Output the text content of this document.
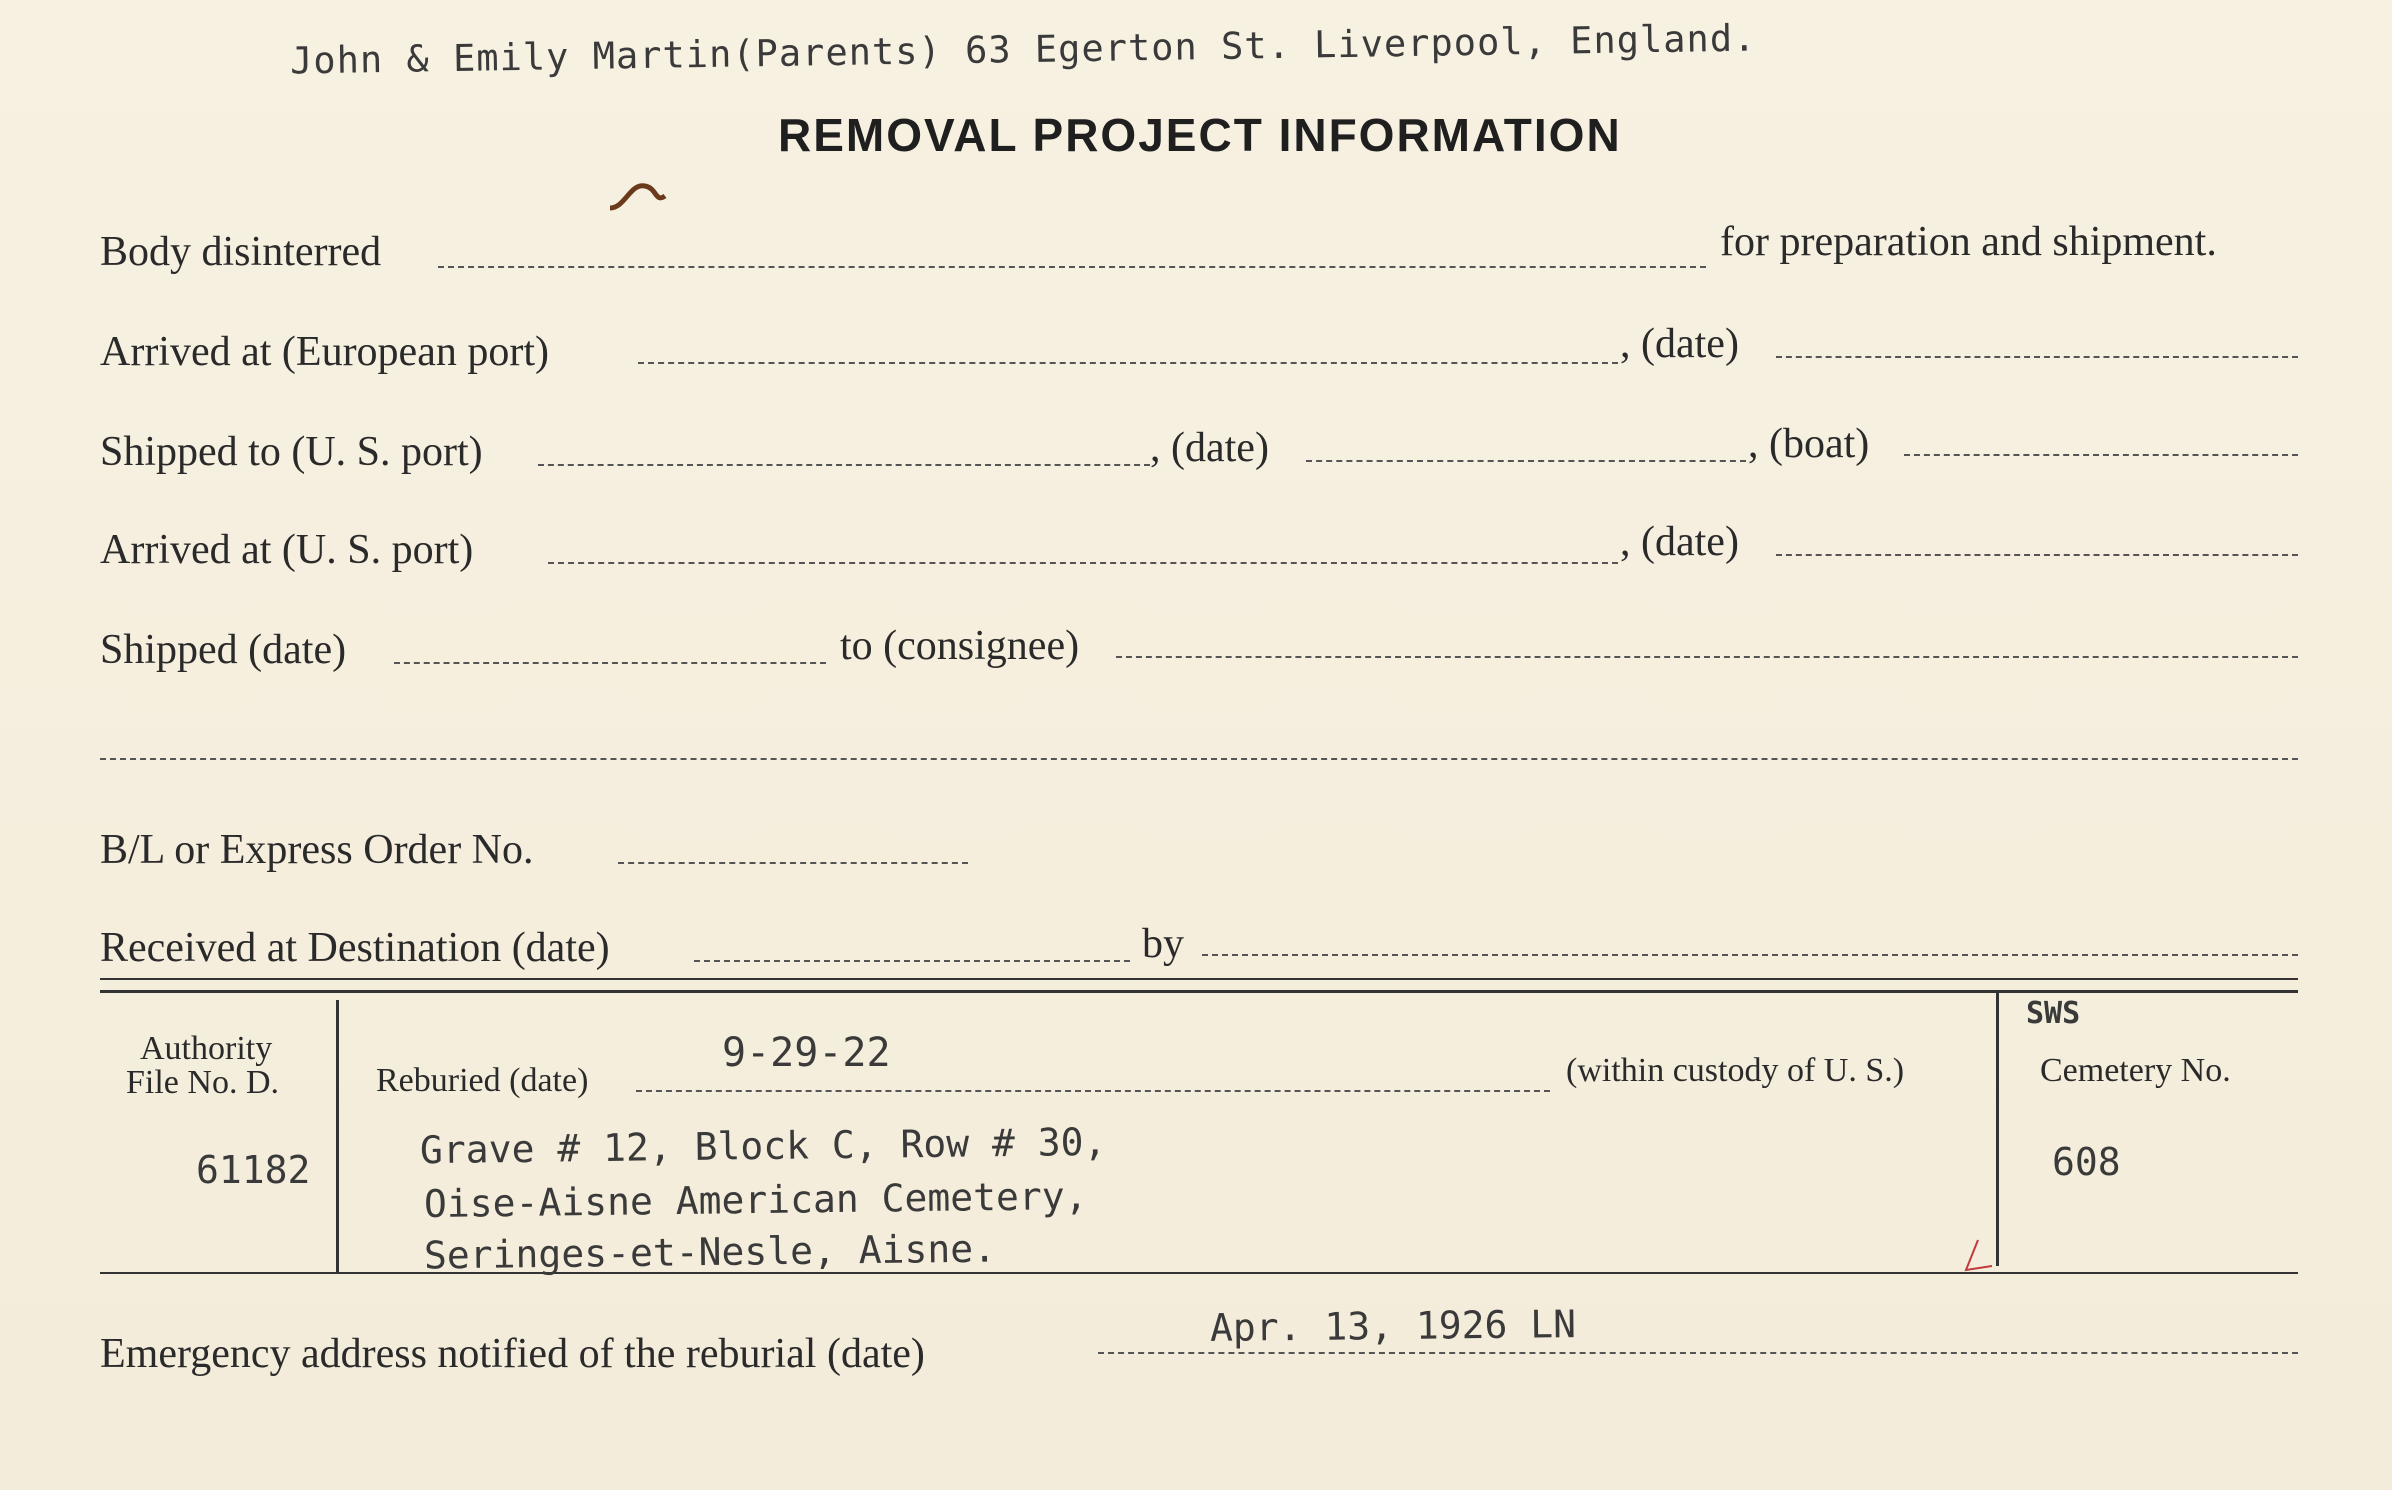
John & Emily Martin(Parents) 63 Egerton St. Liverpool, England.
REMOVAL PROJECT INFORMATION
Body disinterred	for preparation and shipment.
Arrived at (European port)	, (date)
Shipped to (U. S. port)	, (date)	, (boat)
Arrived at (U. S. port)	, (date)
Shipped (date)	to (consignee)
B/L or Express Order No.
Received at Destination (date)	by
Authority
File No. D.
61182
Reburied (date)
9-29-22	(within custody of U. S.)
Grave # 12, Block C, Row # 30,
Oise-Aisne American Cemetery,
Seringes-et-Nesle, Aisne.
SWS
Cemetery No.
608
Emergency address notified of the reburial (date)
Apr. 13, 1926 LN
